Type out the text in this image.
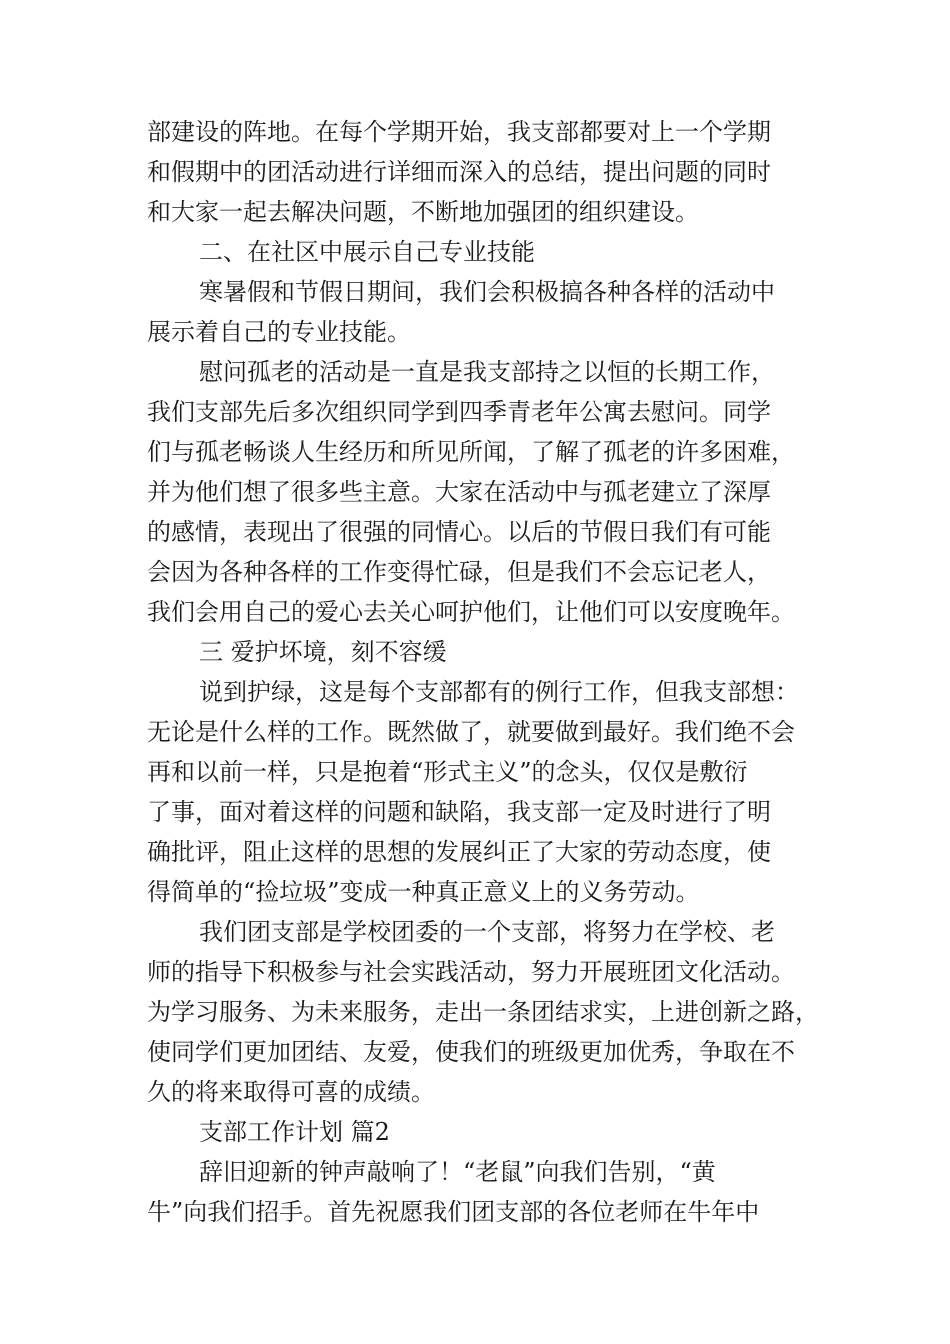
部建设的阵地。在每个学期开始，我支部都要对上一个学期
和假期中的团活动进行详细而深入的总结，提出问题的同时
和大家一起去解决问题，不断地加强团的组织建设。

二、在社区中展示自己专业技能

寒暑假和节假日期间，我们会积极搞各种各样的活动中
展示着自己的专业技能。

慰问孤老的活动是一直是我支部持之以恒的长期工作，
我们支部先后多次组织同学到四季青老年公寓去慰问。同学
们与孤老畅谈人生经历和所见所闻，了解了孤老的许多困难，
并为他们想了很多些主意。大家在活动中与孤老建立了深厚
的感情，表现出了很强的同情心。以后的节假日我们有可能
会因为各种各样的工作变得忙碌，但是我们不会忘记老人，
我们会用自己的爱心去关心呵护他们，让他们可以安度晚年。

三 爱护坏境，刻不容缓

说到护绿，这是每个支部都有的例行工作，但我支部想：
无论是什么样的工作。既然做了，就要做到最好。我们绝不会
再和以前一样，只是抱着“形式主义”的念头，仅仅是敷衍
了事，面对着这样的问题和缺陷，我支部一定及时进行了明
确批评，阻止这样的思想的发展纠正了大家的劳动态度，使
得简单的“捡垃圾”变成一种真正意义上的义务劳动。

我们团支部是学校团委的一个支部，将努力在学校、老
师的指导下积极参与社会实践活动，努力开展班团文化活动。
为学习服务、为未来服务，走出一条团结求实，上进创新之路，
使同学们更加团结、友爱，使我们的班级更加优秀，争取在不
久的将来取得可喜的成绩。

支部工作计划 篇2

辞旧迎新的钟声敲响了！“老鼠”向我们告别，“黄
牛”向我们招手。首先祝愿我们团支部的各位老师在牛年中
